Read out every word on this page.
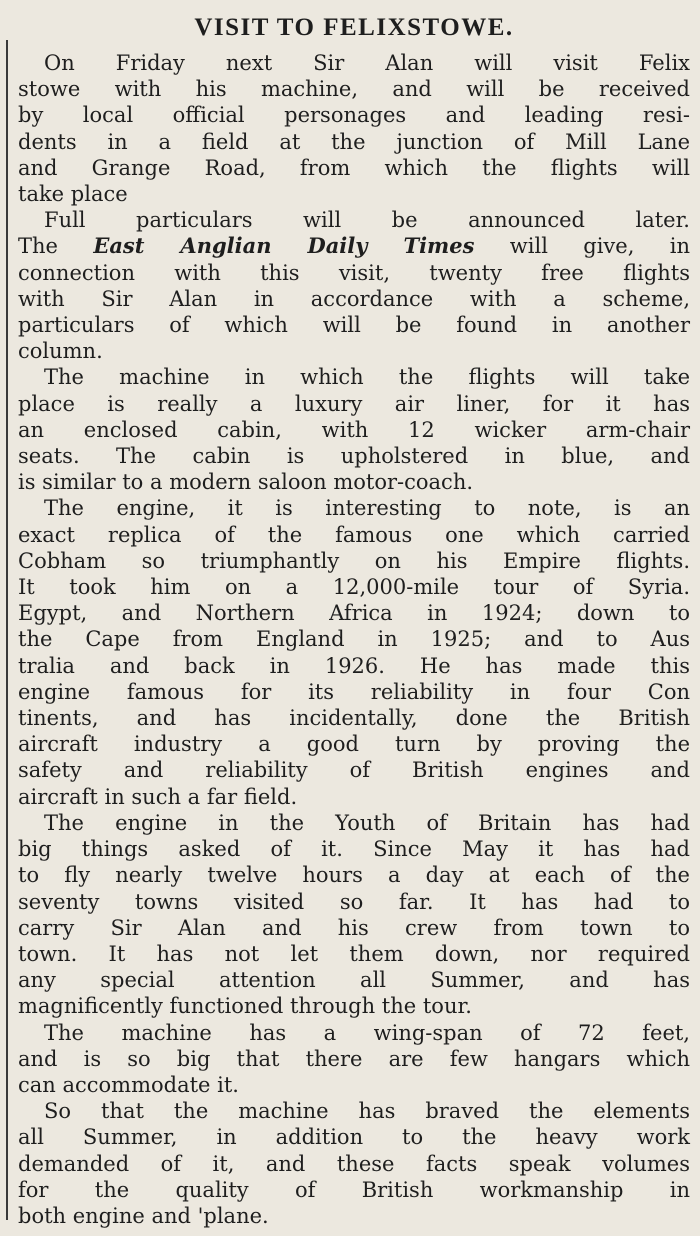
VISIT TO FELIXSTOWE.
On Friday next Sir Alan will visit Felix
stowe with his machine, and will be received
by local official personages and leading resi-
dents in a field at the junction of Mill Lane
and Grange Road, from which the flights will
take place
Full particulars will be announced later.
The East Anglian Daily Times will give, in
connection with this visit, twenty free flights
with Sir Alan in accordance with a scheme,
particulars of which will be found in another
column.
The machine in which the flights will take
place is really a luxury air liner, for it has
an enclosed cabin, with 12 wicker arm-chair
seats. The cabin is upholstered in blue, and
is similar to a modern saloon motor-coach.
The engine, it is interesting to note, is an
exact replica of the famous one which carried
Cobham so triumphantly on his Empire flights.
It took him on a 12,000-mile tour of Syria.
Egypt, and Northern Africa in 1924; down to
the Cape from England in 1925; and to Aus
tralia and back in 1926. He has made this
engine famous for its reliability in four Con
tinents, and has incidentally, done the British
aircraft industry a good turn by proving the
safety and reliability of British engines and
aircraft in such a far field.
The engine in the Youth of Britain has had
big things asked of it. Since May it has had
to fly nearly twelve hours a day at each of the
seventy towns visited so far. It has had to
carry Sir Alan and his crew from town to
town. It has not let them down, nor required
any special attention all Summer, and has
magnificently functioned through the tour.
The machine has a wing-span of 72 feet,
and is so big that there are few hangars which
can accommodate it.
So that the machine has braved the elements
all Summer, in addition to the heavy work
demanded of it, and these facts speak volumes
for the quality of British workmanship in
both engine and 'plane.
